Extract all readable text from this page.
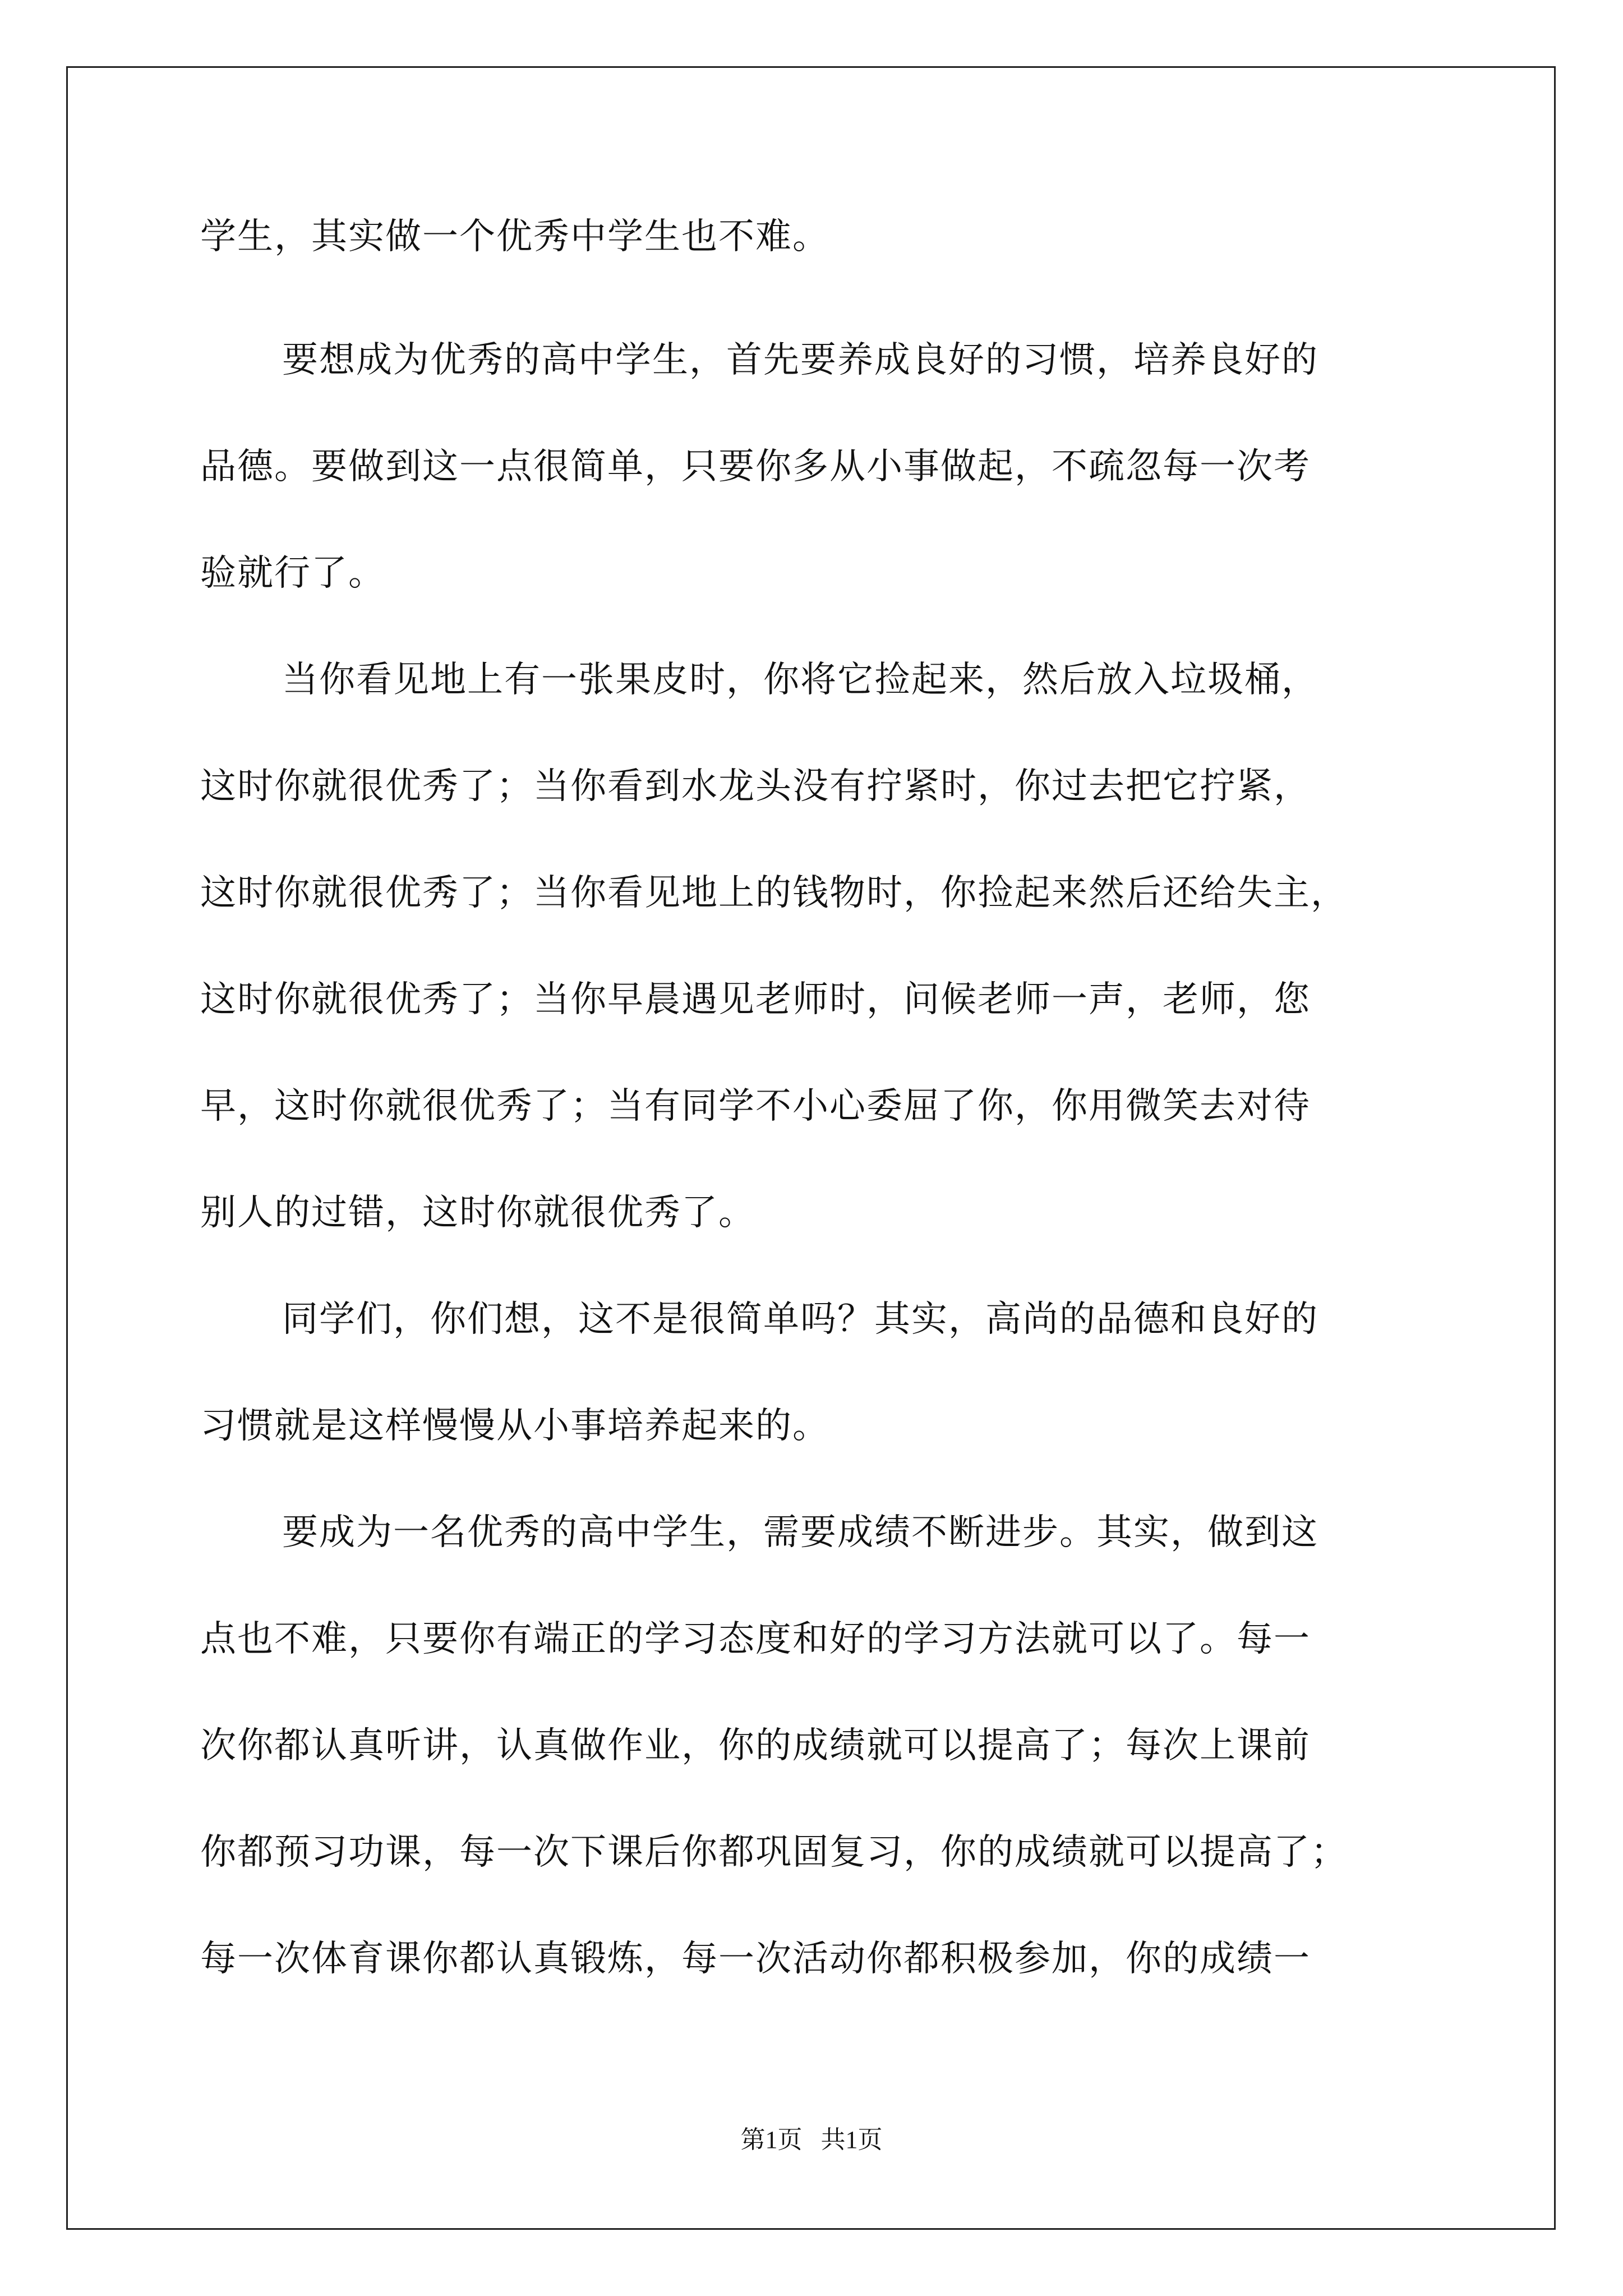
学生，其实做一个优秀中学生也不难。
要想成为优秀的高中学生，首先要养成良好的习惯，培养良好的
品德。要做到这一点很简单，只要你多从小事做起，不疏忽每一次考
验就行了。
当你看见地上有一张果皮时，你将它捡起来，然后放入垃圾桶，
这时你就很优秀了；当你看到水龙头没有拧紧时，你过去把它拧紧，
这时你就很优秀了；当你看见地上的钱物时，你捡起来然后还给失主，
这时你就很优秀了；当你早晨遇见老师时，问候老师一声，老师，您
早，这时你就很优秀了；当有同学不小心委屈了你，你用微笑去对待
别人的过错，这时你就很优秀了。
同学们，你们想，这不是很简单吗？其实，高尚的品德和良好的
习惯就是这样慢慢从小事培养起来的。
要成为一名优秀的高中学生，需要成绩不断进步。其实，做到这
点也不难，只要你有端正的学习态度和好的学习方法就可以了。每一
次你都认真听讲，认真做作业，你的成绩就可以提高了；每次上课前
你都预习功课，每一次下课后你都巩固复习，你的成绩就可以提高了；
每一次体育课你都认真锻炼，每一次活动你都积极参加，你的成绩一
第1页   共1页
